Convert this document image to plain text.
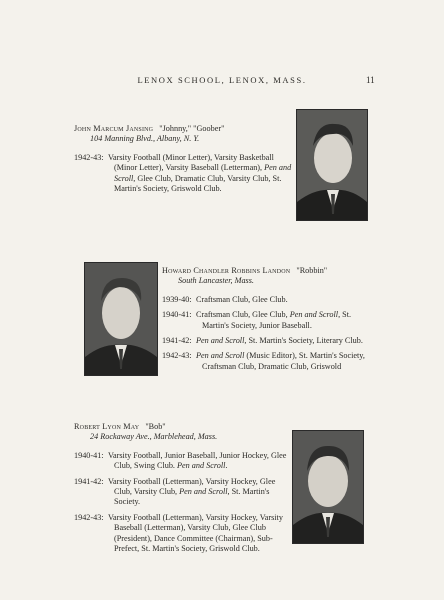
LENOX SCHOOL, LENOX, MASS.	11
John Marcum Jansing "Johnny," "Goober"
104 Manning Blvd., Albany, N. Y.
1942-43: Varsity Football (Minor Letter), Varsity Basketball (Minor Letter), Varsity Baseball (Letterman), Pen and Scroll, Glee Club, Dramatic Club, Varsity Club, St. Martin's Society, Griswold Club.
Howard Chandler Robbins Landon "Robbin"
South Lancaster, Mass.
1939-40: Craftsman Club, Glee Club.
1940-41: Craftsman Club, Glee Club, Pen and Scroll, St. Martin's Society, Junior Baseball.
1941-42: Pen and Scroll, St. Martin's Society, Literary Club.
1942-43: Pen and Scroll (Music Editor), St. Martin's Society, Craftsman Club, Dramatic Club, Griswold
Robert Lyon May "Bob"
24 Rockaway Ave., Marblehead, Mass.
1940-41: Varsity Football, Junior Baseball, Junior Hockey, Glee Club, Swing Club. Pen and Scroll.
1941-42: Varsity Football (Letterman), Varsity Hockey, Glee Club, Varsity Club, Pen and Scroll, St. Martin's Society.
1942-43: Varsity Football (Letterman), Varsity Hockey, Varsity Baseball (Letterman), Varsity Club, Glee Club (President), Dance Committee (Chairman), Sub-Prefect, St. Martin's Society, Griswold Club.
